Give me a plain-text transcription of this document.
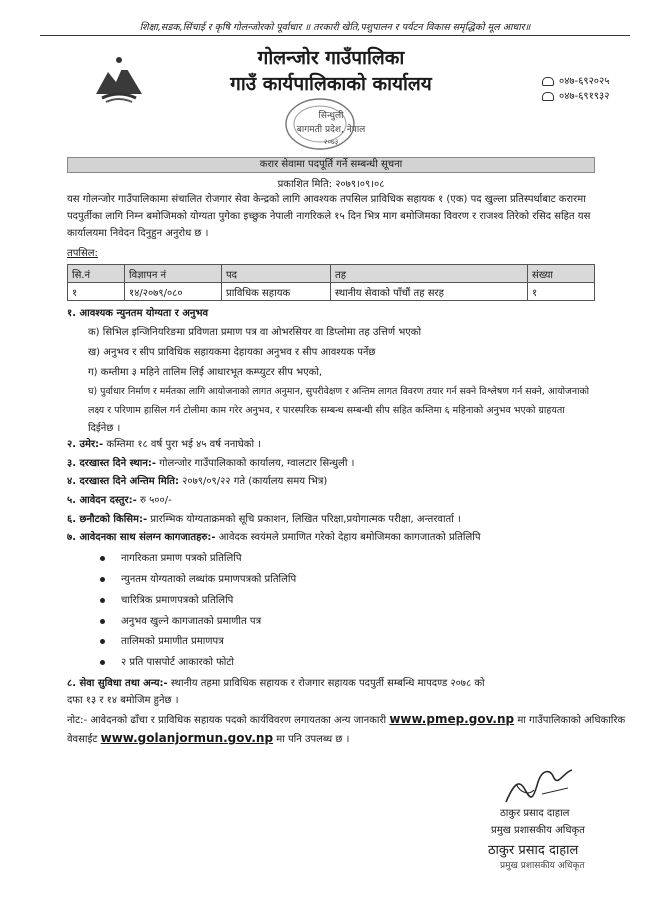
शिक्षा,सडक,सिंचाई र कृषि गोलन्जोरको पूर्वाधार ॥ तरकारी खेति,पशुपालन र पर्यटन विकास समृद्धिको मूल आधार॥
गोलन्जोर गाउँपालिका
गाउँ कार्यपालिकाको कार्यालय	०४७-६९२०२५
०४७-६९१९३२
सिन्धुली
बागमती प्रदेश, नेपाल
२०७३
करार सेवामा पदपूर्ति गर्ने सम्बन्धी सूचना
प्रकाशित मिति: २०७९।०९।०८
यस गोलन्जोर गाउँपालिकामा संचालित रोजगार सेवा केन्द्रको लागि आवश्यक तपसिल प्राविधिक सहायक १ (एक) पद खुल्ला प्रतिस्पर्धाबाट करारमा
पदपुर्तीका लागि निम्न बमोजिमको योग्यता पुगेका इच्छुक नेपाली नागरिकले १५ दिन भित्र माग बमोजिमका विवरण र राजश्व तिरेको रसिद सहित यस
कार्यालयमा निवेदन दिनुहुन अनुरोध छ ।
तपसिल:
सि.नं	विज्ञापन नं	पद	तह	संख्या
१	१४/२०७९/०८०	प्राविधिक सहायक	स्थानीय सेवाको पाँचौं तह सरह	१
१. आवश्यक न्युनतम योग्यता र अनुभव
क) सिभिल इन्जिनियरिङमा प्रविणता प्रमाण पत्र वा ओभरसियर वा डिप्लोमा तह उत्तिर्ण भएको
ख) अनुभव र सीप प्राविधिक सहायकमा देहायका अनुभव र सीप आवश्यक पर्नेछ
ग) कम्तीमा ३ महिने तालिम लिई आधारभूत कम्प्युटर सीप भएको,
घ) पुर्वाधार निर्माण र मर्मतका लागि आयोजनाको लागत अनुमान, सुपरीवेक्षण र अन्तिम लागत विवरण तयार गर्न सक्ने विश्लेषण गर्न सक्ने, आयोजनाको
लक्ष्य र परिणाम हासिल गर्न टोलीमा काम गरेर अनुभव, र पारस्परिक सम्बन्ध सम्बन्धी सीप सहित कम्तिमा ६ महिनाको अनुभव भएको ग्राहयता
दिईनेछ ।
२. उमेर:- कम्तिमा १८ वर्ष पुरा भई ४५ वर्ष ननाघेको ।
३. दरखास्त दिने स्थान:- गोलन्जोर गाउँपालिकाको कार्यालय, ग्वालटार सिन्धुली ।
४. दरखास्त दिने अन्तिम मिति: २०७९/०९/२२ गते (कार्यालय समय भित्र)
५. आवेदन दस्तुर:- रु ५००/-
६. छनौटको किसिम:- प्रारम्भिक योग्यताक्रमको सूचि प्रकाशन, लिखित परिक्षा,प्रयोगात्मक परीक्षा, अन्तरवार्ता ।
७. आवेदनका साथ संलग्न कागजातहरु:- आवेदक स्वयंमले प्रमाणित गरेको देहाय बमोजिमका कागजातको प्रतिलिपि
नागरिकता प्रमाण पत्रको प्रतिलिपि
न्युनतम योग्यताको लब्धांक प्रमाणपत्रको प्रतिलिपि
चारित्रिक प्रमाणपत्रको प्रतिलिपि
अनुभव खुल्ने कागजातको प्रमाणीत पत्र
तालिमको प्रमाणीत प्रमाणपत्र
२ प्रति पासपोर्ट आकारको फोटो
८. सेवा सुविधा तथा अन्य:- स्थानीय तहमा प्राविधिक सहायक र रोजगार सहायक पदपुर्ती सम्बन्धि मापदण्ड २०७८ को
दफा १३ र १४ बमोजिम हुनेछ ।
नोट:- आवेदनको ढाँचा र प्राविधिक सहायक पदको कार्यविवरण लगायतका अन्य जानकारी www.pmep.gov.np मा गाउँपालिकाको अधिकारिक
वेवसाईट www.golanjormun.gov.np मा पनि उपलब्ध छ ।
ठाकुर प्रसाद दाहाल
प्रमुख प्रशासकीय अधिकृत
ठाकुर प्रसाद दाहाल
प्रमुख प्रशासकीय अधिकृत
